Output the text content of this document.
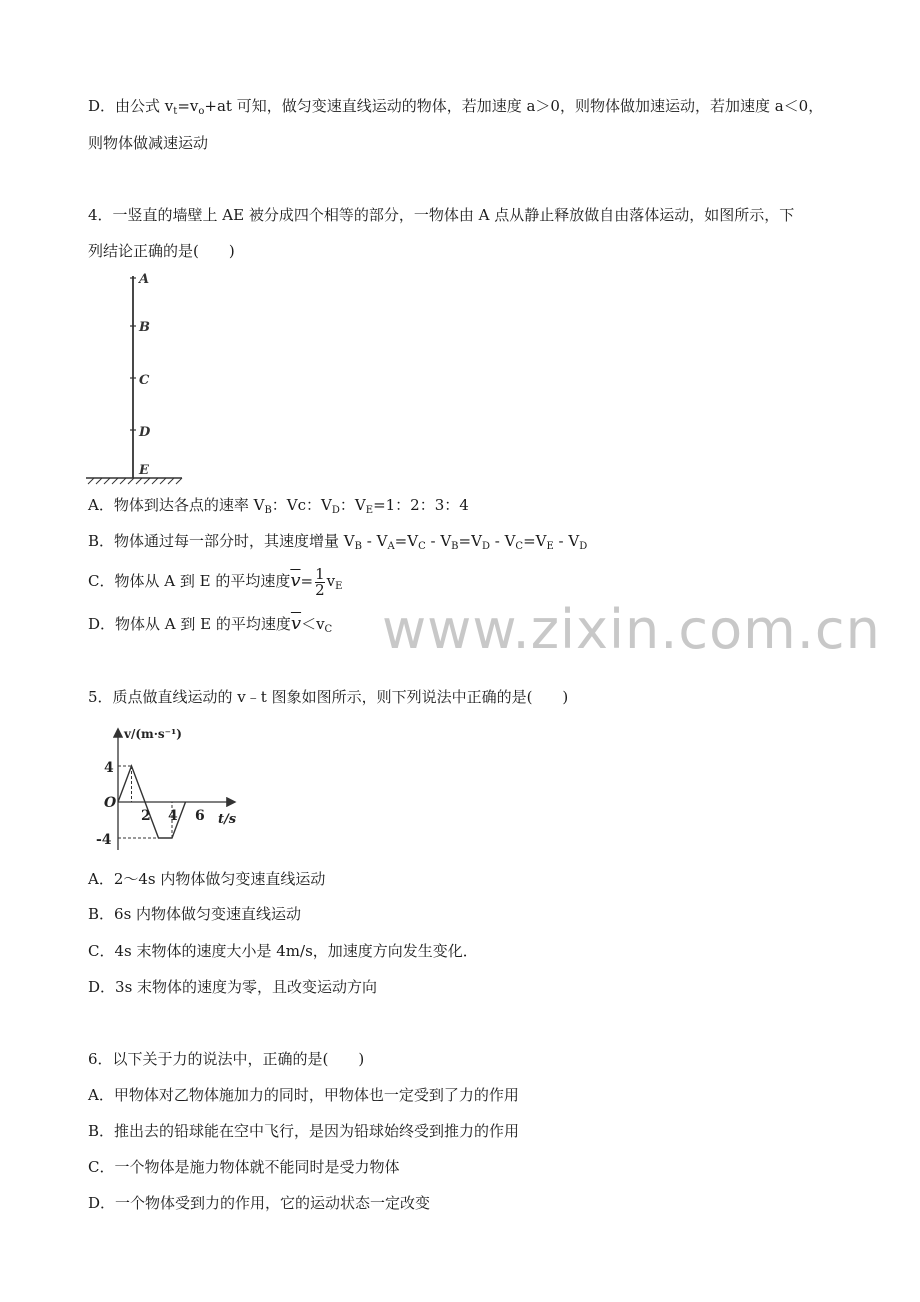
D．由公式 $v_t=v_o+at$ 可知，做匀变速直线运动的物体，若加速度 a＞0，则物体做加速运动，若加速度 a＜0，
则物体做减速运动
4．一竖直的墙壁上 AE 被分成四个相等的部分，一物体由 A 点从静止释放做自由落体运动，如图所示，下
列结论正确的是(　　)
A
B
C
D
E
A．物体到达各点的速率 $V_B$：Vc：$V_D$：$V_E=1$：2：3：4
B．物体通过每一部分时，其速度增量 $V_B - V_A=V_C - V_B=V_D - V_C=V_E - V_D$
C．物体从 A 到 E 的平均速度$\overline{v}= \frac{1}{2} v_E$
D．物体从 A 到 E 的平均速度$\overline{v}<v_C$ www.zixin.com.cn
5．质点做直线运动的 v﹣t 图象如图所示，则下列说法中正确的是(　　)
v/(m·s⁻¹)
t/s
O
4
-4
2 4 6
A．2～4s 内物体做匀变速直线运动
B．6s 内物体做匀变速直线运动
C．4s 末物体的速度大小是 4m/s，加速度方向发生变化．
D．3s 末物体的速度为零，且改变运动方向
6．以下关于力的说法中，正确的是(　　)
A．甲物体对乙物体施加力的同时，甲物体也一定受到了力的作用
B．推出去的铅球能在空中飞行，是因为铅球始终受到推力的作用
C．一个物体是施力物体就不能同时是受力物体
D．一个物体受到力的作用，它的运动状态一定改变
